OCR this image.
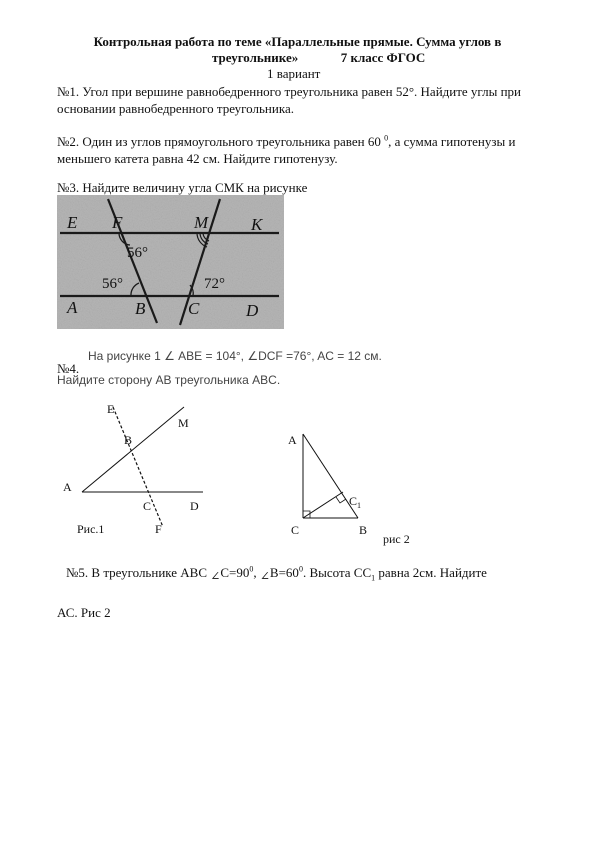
Контрольная работа по теме «Параллельные прямые. Сумма углов в
треугольнике»	7 класс ФГОС
1 вариант
№1. Угол при вершине равнобедренного треугольника равен 52°. Найдите углы при
основании равнобедренного треугольника.
№2. Один из углов прямоугольного треугольника равен 60 $^0$, а сумма гипотенузы и
меньшего катета равна 42 см. Найдите гипотенузу.
№3. Найдите величину угла СМК на рисунке
E F	M	K
A	B	C	D
56°
56°	72°
№4.
На рисунке 1 ∠ ABE = 104°, ∠DCF =76°, AC = 12 см.
Найдите сторону AB треугольника ABC.
E
M
B
A
C	D
F
Рис.1
A
$C_1$
C	B
рис 2
№5. В треугольнике АВС $\angle С=90^0$, $\angle В=60^0$. Высота $СС_1$ равна 2см. Найдите
АС. Рис 2
